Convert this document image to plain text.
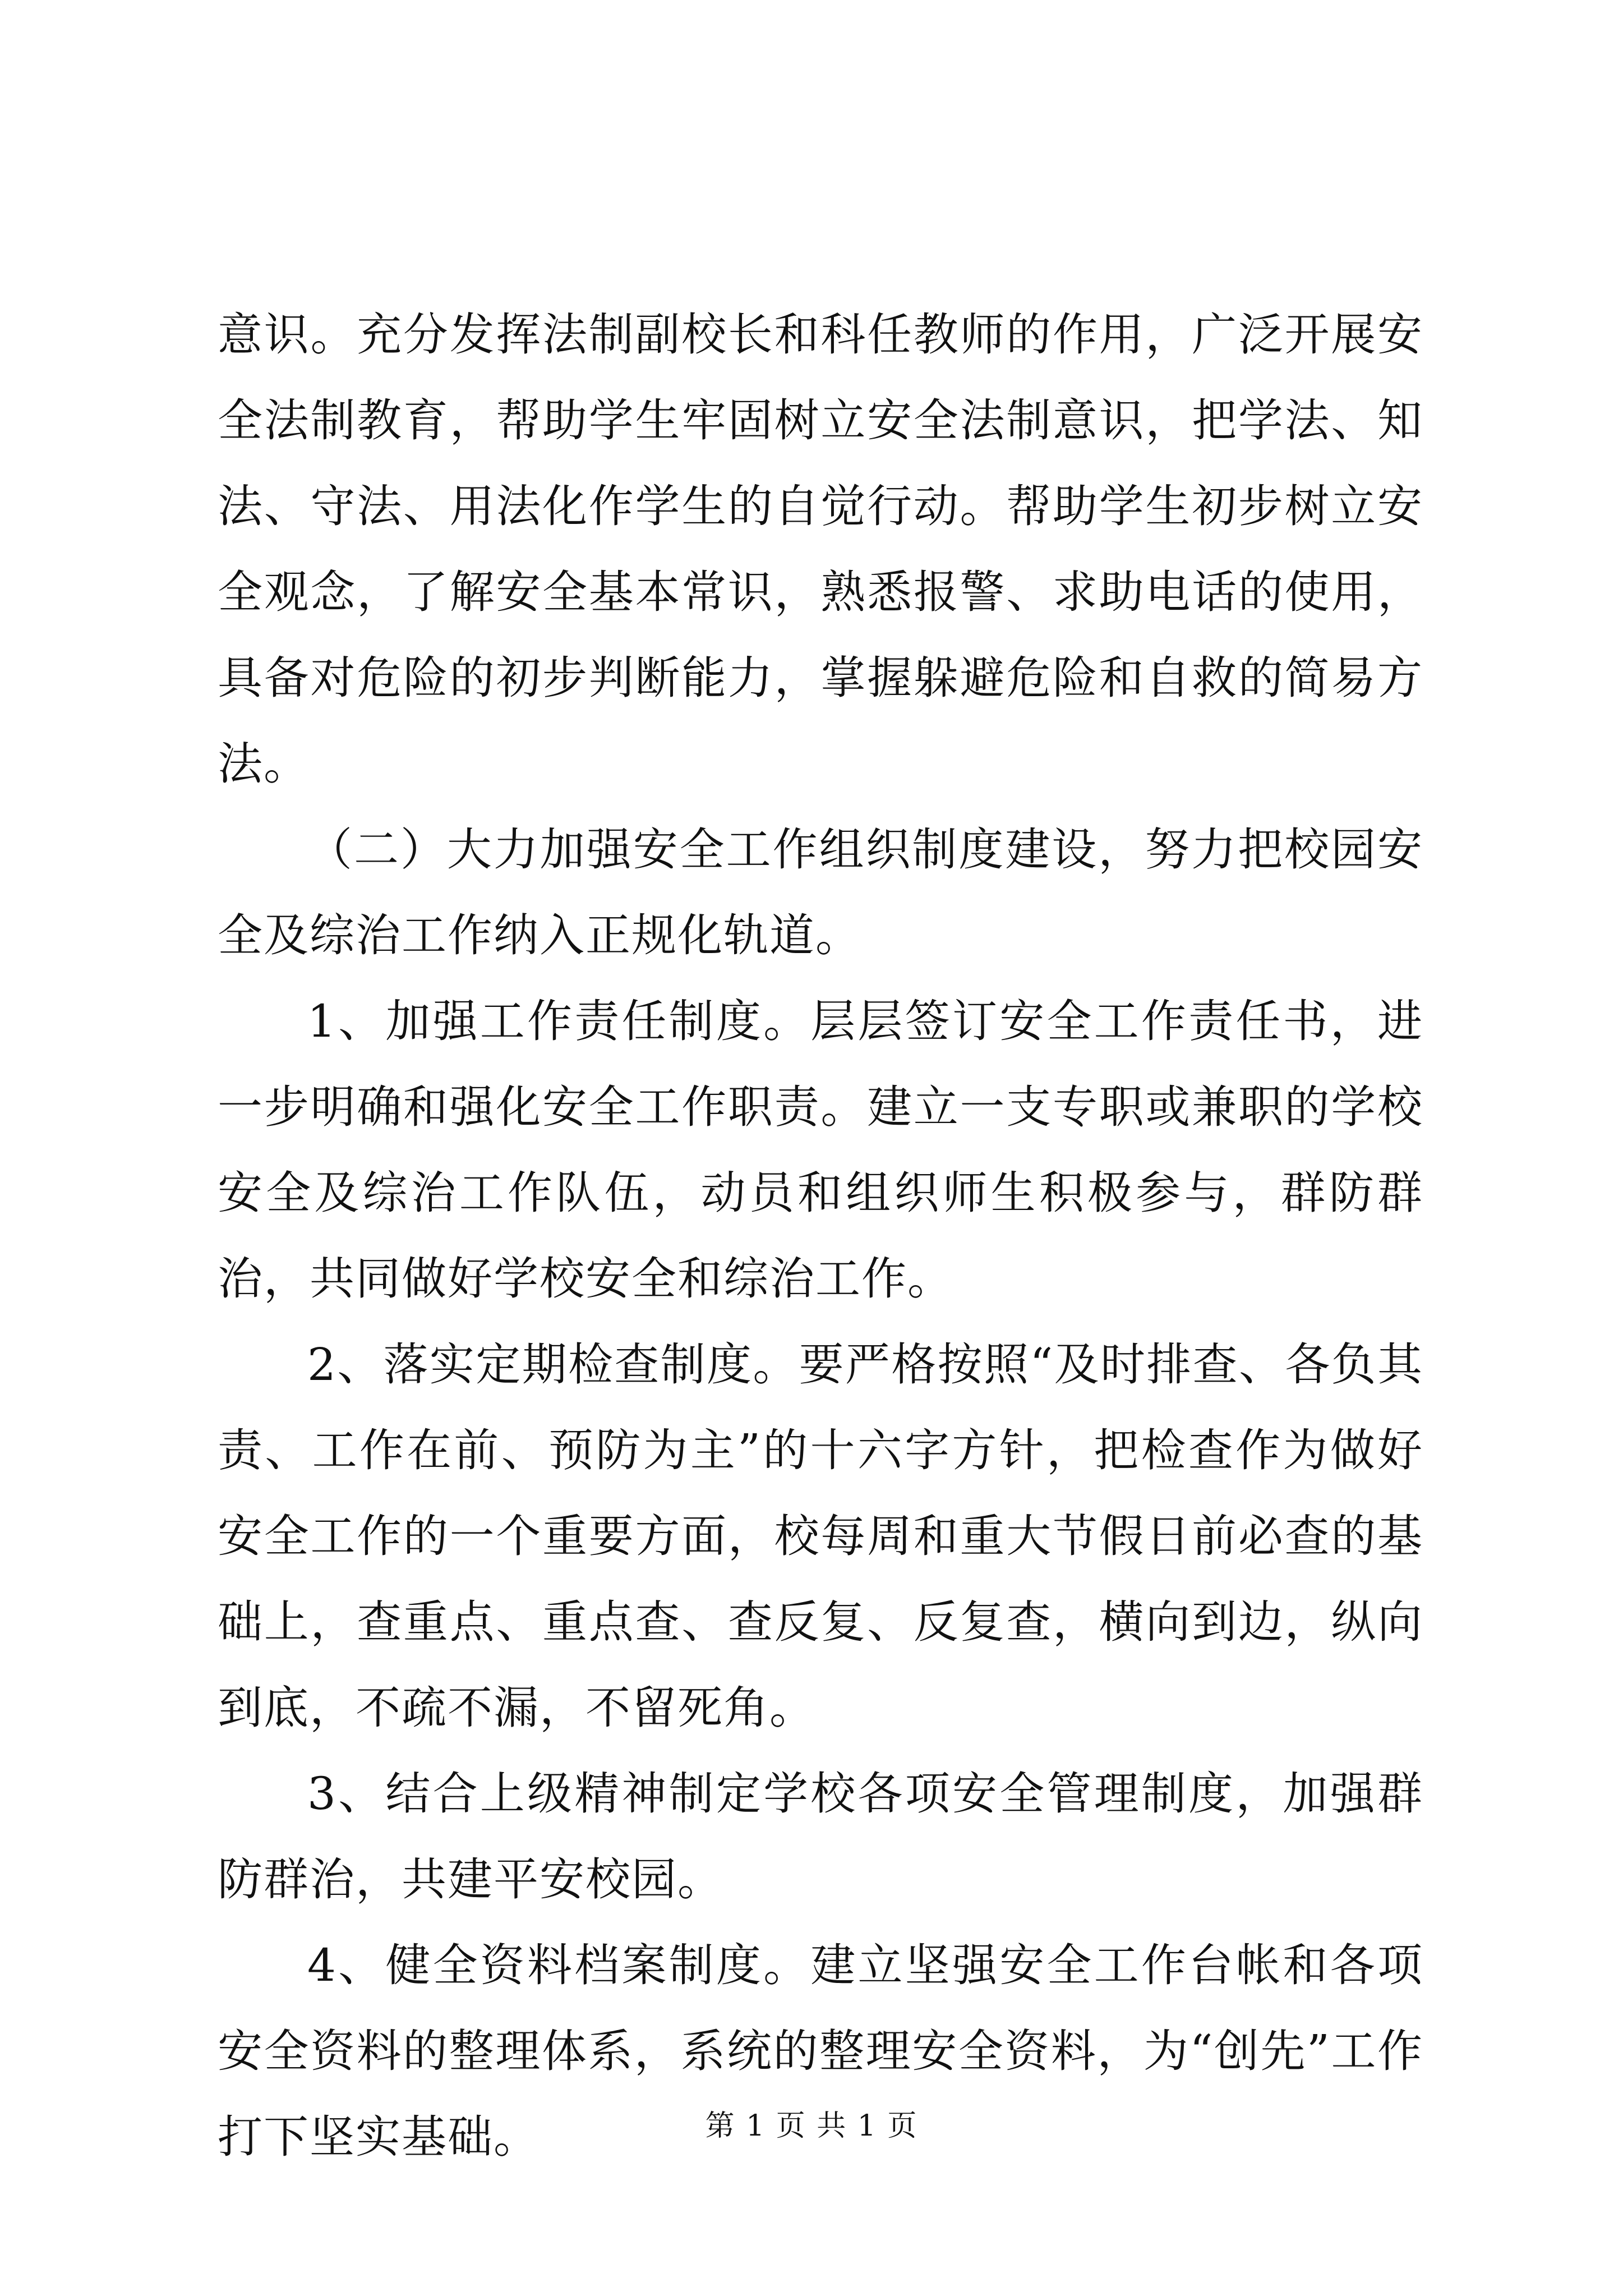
意识。充分发挥法制副校长和科任教师的作用，广泛开展安全法制教育，帮助学生牢固树立安全法制意识，把学法、知法、守法、用法化作学生的自觉行动。帮助学生初步树立安全观念，了解安全基本常识，熟悉报警、求助电话的使用，具备对危险的初步判断能力，掌握躲避危险和自救的简易方法。

（二）大力加强安全工作组织制度建设，努力把校园安全及综治工作纳入正规化轨道。

1、加强工作责任制度。层层签订安全工作责任书，进一步明确和强化安全工作职责。建立一支专职或兼职的学校安全及综治工作队伍，动员和组织师生积极参与，群防群治，共同做好学校安全和综治工作。

2、落实定期检查制度。要严格按照“及时排查、各负其责、工作在前、预防为主”的十六字方针，把检查作为做好安全工作的一个重要方面，校每周和重大节假日前必查的基础上，查重点、重点查、查反复、反复查，横向到边，纵向到底，不疏不漏，不留死角。

3、结合上级精神制定学校各项安全管理制度，加强群防群治，共建平安校园。

4、健全资料档案制度。建立坚强安全工作台帐和各项安全资料的整理体系，系统的整理安全资料，为“创先”工作打下坚实基础。	第 1 页 共 1 页
